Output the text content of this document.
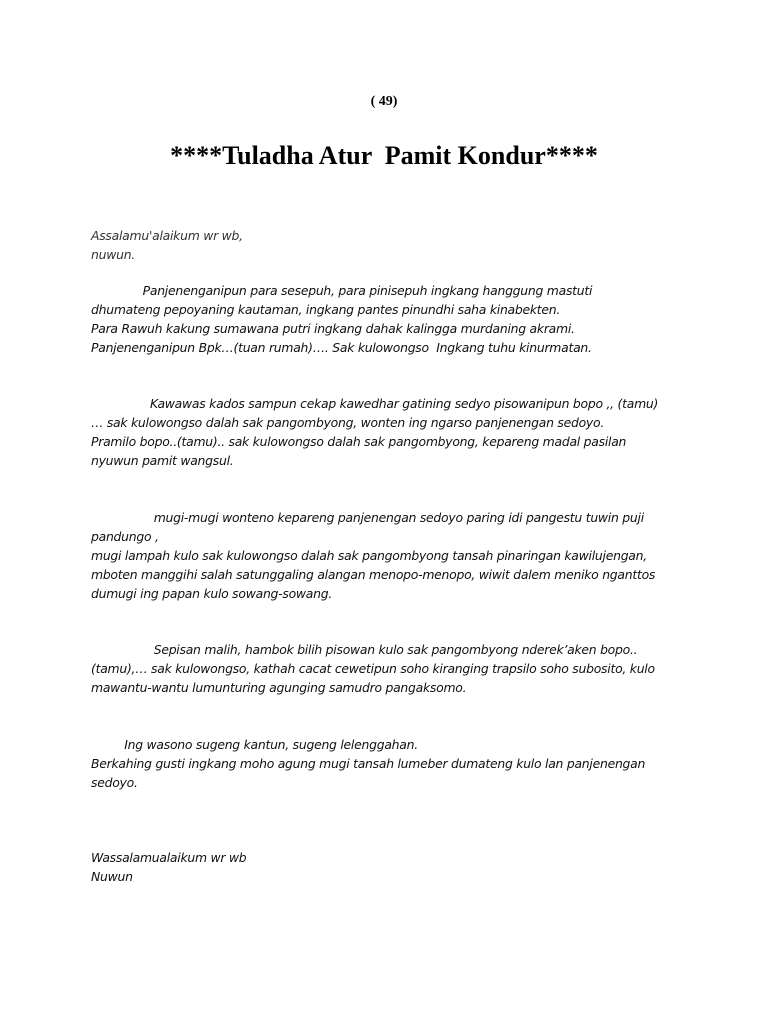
( 49)
****Tuladha Atur  Pamit Kondur****
Assalamu'alaikum wr wb,
nuwun.
Panjenenganipun para sesepuh, para pinisepuh ingkang hanggung mastuti
dhumateng pepoyaning kautaman, ingkang pantes pinundhi saha kinabekten.
Para Rawuh kakung sumawana putri ingkang dahak kalingga murdaning akrami.
Panjenenganipun Bpk…(tuan rumah)…. Sak kulowongso  Ingkang tuhu kinurmatan.
Kawawas kados sampun cekap kawedhar gatining sedyo pisowanipun bopo ,, (tamu)
… sak kulowongso dalah sak pangombyong, wonten ing ngarso panjenengan sedoyo.
Pramilo bopo..(tamu).. sak kulowongso dalah sak pangombyong, kepareng madal pasilan
nyuwun pamit wangsul.
mugi-mugi wonteno kepareng panjenengan sedoyo paring idi pangestu tuwin puji
pandungo ,
mugi lampah kulo sak kulowongso dalah sak pangombyong tansah pinaringan kawilujengan,
mboten manggihi salah satunggaling alangan menopo-menopo, wiwit dalem meniko nganttos
dumugi ing papan kulo sowang-sowang.
Sepisan malih, hambok bilih pisowan kulo sak pangombyong nderek’aken bopo..
(tamu),… sak kulowongso, kathah cacat cewetipun soho kiranging trapsilo soho subosito, kulo
mawantu-wantu lumunturing agunging samudro pangaksomo.
Ing wasono sugeng kantun, sugeng lelenggahan.
Berkahing gusti ingkang moho agung mugi tansah lumeber dumateng kulo lan panjenengan
sedoyo.
Wassalamualaikum wr wb
Nuwun
